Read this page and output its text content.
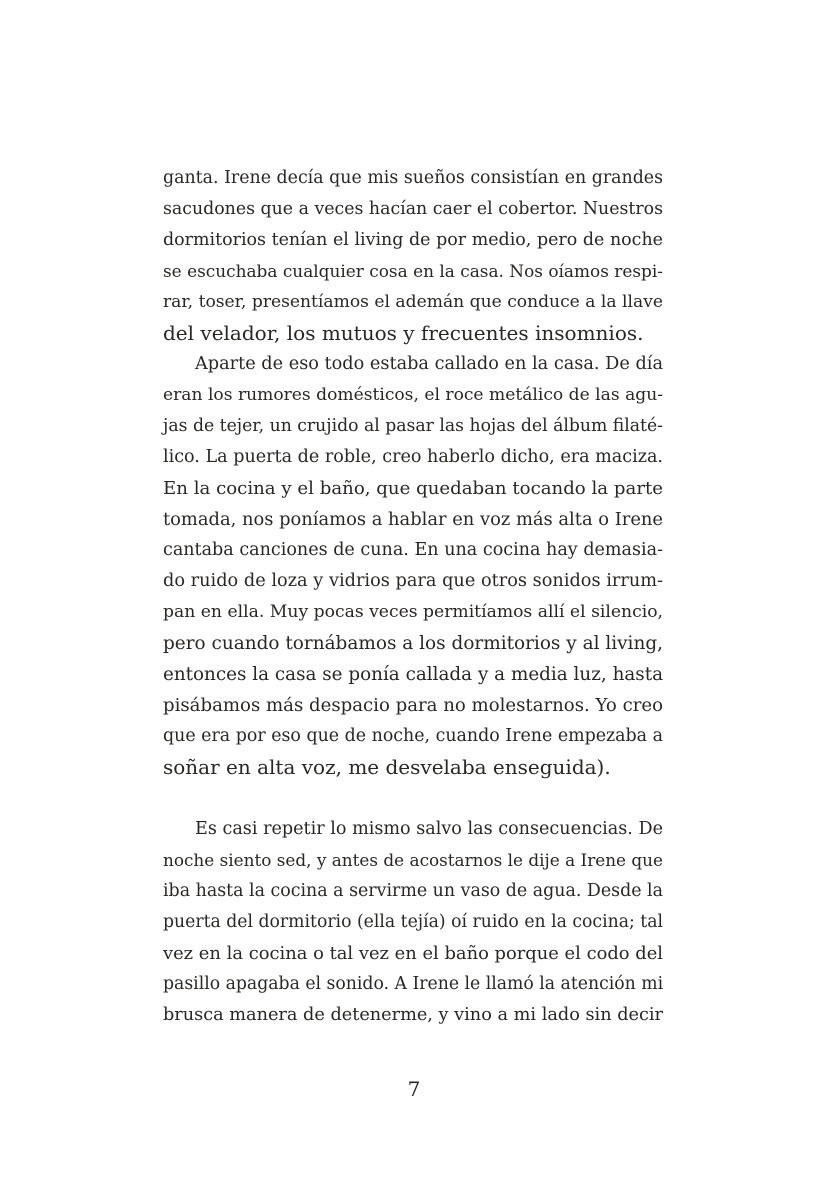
ganta. Irene decía que mis sueños consistían en grandes
sacudones que a veces hacían caer el cobertor. Nuestros
dormitorios tenían el living de por medio, pero de noche
se escuchaba cualquier cosa en la casa. Nos oíamos respi-
rar, toser, presentíamos el ademán que conduce a la llave
del velador, los mutuos y frecuentes insomnios.
Aparte de eso todo estaba callado en la casa. De día
eran los rumores domésticos, el roce metálico de las agu-
jas de tejer, un crujido al pasar las hojas del álbum filaté-
lico. La puerta de roble, creo haberlo dicho, era maciza.
En la cocina y el baño, que quedaban tocando la parte
tomada, nos poníamos a hablar en voz más alta o Irene
cantaba canciones de cuna. En una cocina hay demasia-
do ruido de loza y vidrios para que otros sonidos irrum-
pan en ella. Muy pocas veces permitíamos allí el silencio,
pero cuando tornábamos a los dormitorios y al living,
entonces la casa se ponía callada y a media luz, hasta
pisábamos más despacio para no molestarnos. Yo creo
que era por eso que de noche, cuando Irene empezaba a
soñar en alta voz, me desvelaba enseguida).
Es casi repetir lo mismo salvo las consecuencias. De
noche siento sed, y antes de acostarnos le dije a Irene que
iba hasta la cocina a servirme un vaso de agua. Desde la
puerta del dormitorio (ella tejía) oí ruido en la cocina; tal
vez en la cocina o tal vez en el baño porque el codo del
pasillo apagaba el sonido. A Irene le llamó la atención mi
brusca manera de detenerme, y vino a mi lado sin decir
7
